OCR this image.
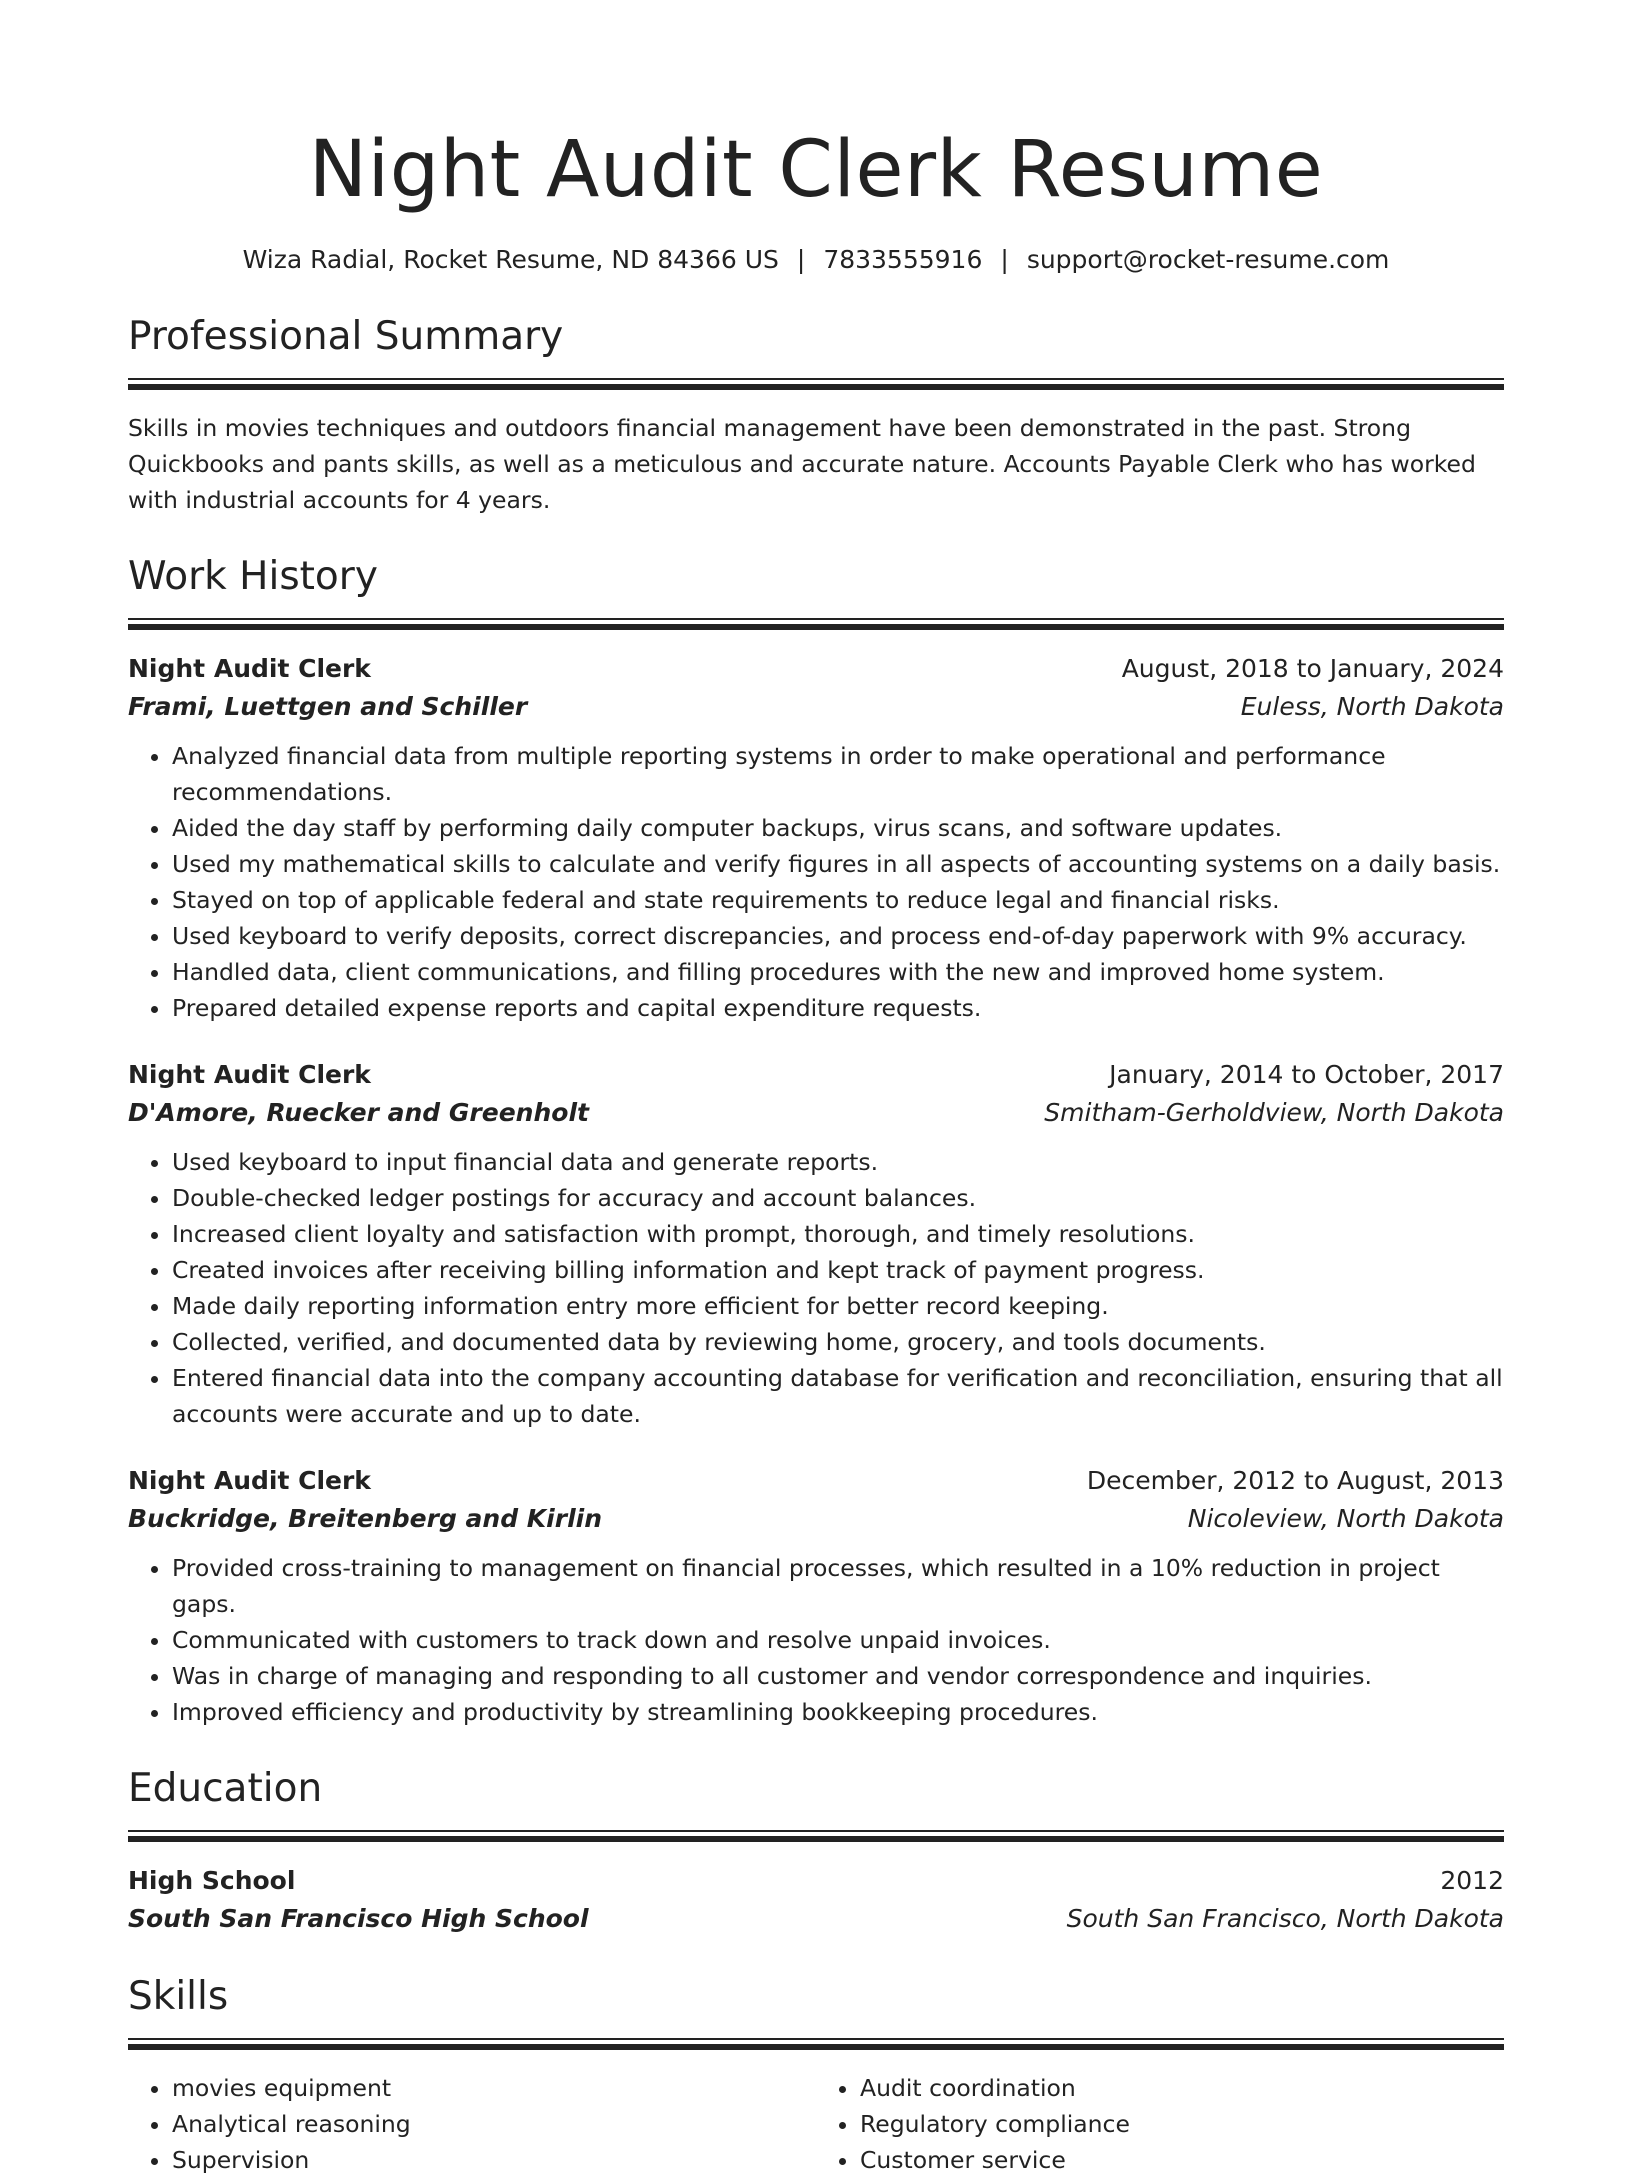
Night Audit Clerk Resume
Wiza Radial, Rocket Resume, ND 84366 US | 7833555916 | support@rocket-resume.com
Professional Summary

Skills in movies techniques and outdoors financial management have been demonstrated in the past. Strong Quickbooks and pants skills, as well as a meticulous and accurate nature. Accounts Payable Clerk who has worked with industrial accounts for 4 years.

Work History
Night Audit Clerk	August, 2018 to January, 2024
Frami, Luettgen and Schiller	Euless, North Dakota
• Analyzed financial data from multiple reporting systems in order to make operational and performance recommendations.
• Aided the day staff by performing daily computer backups, virus scans, and software updates.
• Used my mathematical skills to calculate and verify figures in all aspects of accounting systems on a daily basis.
• Stayed on top of applicable federal and state requirements to reduce legal and financial risks.
• Used keyboard to verify deposits, correct discrepancies, and process end-of-day paperwork with 9% accuracy.
• Handled data, client communications, and filling procedures with the new and improved home system.
• Prepared detailed expense reports and capital expenditure requests.
Night Audit Clerk	January, 2014 to October, 2017
D'Amore, Ruecker and Greenholt	Smitham-Gerholdview, North Dakota
• Used keyboard to input financial data and generate reports.
• Double-checked ledger postings for accuracy and account balances.
• Increased client loyalty and satisfaction with prompt, thorough, and timely resolutions.
• Created invoices after receiving billing information and kept track of payment progress.
• Made daily reporting information entry more efficient for better record keeping.
• Collected, verified, and documented data by reviewing home, grocery, and tools documents.
• Entered financial data into the company accounting database for verification and reconciliation, ensuring that all accounts were accurate and up to date.
Night Audit Clerk	December, 2012 to August, 2013
Buckridge, Breitenberg and Kirlin	Nicoleview, North Dakota
• Provided cross-training to management on financial processes, which resulted in a 10% reduction in project gaps.
• Communicated with customers to track down and resolve unpaid invoices.
• Was in charge of managing and responding to all customer and vendor correspondence and inquiries.
• Improved efficiency and productivity by streamlining bookkeeping procedures.
Education
High School	2012
South San Francisco High School	South San Francisco, North Dakota
Skills
• movies equipment
• Analytical reasoning
• Supervision
• Audit coordination
• Regulatory compliance
• Customer service
